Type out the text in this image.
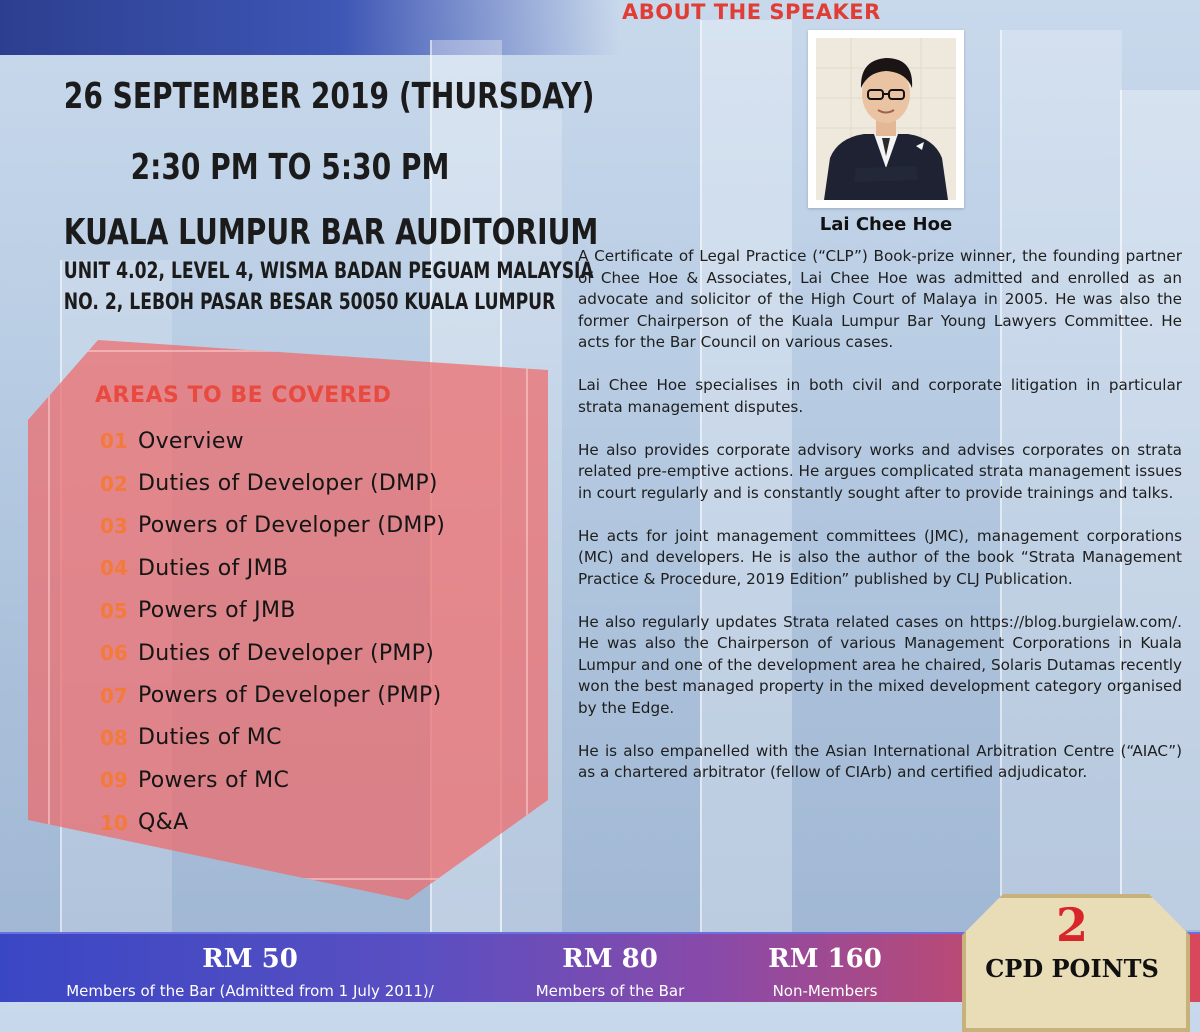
26 SEPTEMBER 2019 (THURSDAY)
2:30 PM TO 5:30 PM
KUALA LUMPUR BAR AUDITORIUM
UNIT 4.02, LEVEL 4, WISMA BADAN PEGUAM MALAYSIA
NO. 2, LEBOH PASAR BESAR 50050 KUALA LUMPUR
AREAS TO BE COVERED
01 Overview
02 Duties of Developer (DMP)
03 Powers of Developer (DMP)
04 Duties of JMB
05 Powers of JMB
06 Duties of Developer (PMP)
07 Powers of Developer (PMP)
08 Duties of MC
09 Powers of MC
10 Q&A
ABOUT THE SPEAKER
Lai Chee Hoe

A Certificate of Legal Practice (“CLP”) Book-prize winner, the founding partner of Chee Hoe & Associates, Lai Chee Hoe was admitted and enrolled as an advocate and solicitor of the High Court of Malaya in 2005. He was also the former Chairperson of the Kuala Lumpur Bar Young Lawyers Committee. He acts for the Bar Council on various cases.

Lai Chee Hoe specialises in both civil and corporate litigation in particular strata management disputes.

He also provides corporate advisory works and advises corporates on strata related pre-emptive actions. He argues complicated strata management issues in court regularly and is constantly sought after to provide trainings and talks.

He acts for joint management committees (JMC), management corporations (MC) and developers. He is also the author of the book “Strata Management Practice & Procedure, 2019 Edition” published by CLJ Publication.

He also regularly updates Strata related cases on https://blog.burgielaw.com/. He was also the Chairperson of various Management Corporations in Kuala Lumpur and one of the development area he chaired, Solaris Dutamas recently won the best managed property in the mixed development category organised by the Edge.

He is also empanelled with the Asian International Arbitration Centre (“AIAC”) as a chartered arbitrator (fellow of CIArb) and certified adjudicator.

RM 50
Members of the Bar (Admitted from 1 July 2011)/
RM 80
Members of the Bar
RM 160
Non-Members
2
CPD POINTS
